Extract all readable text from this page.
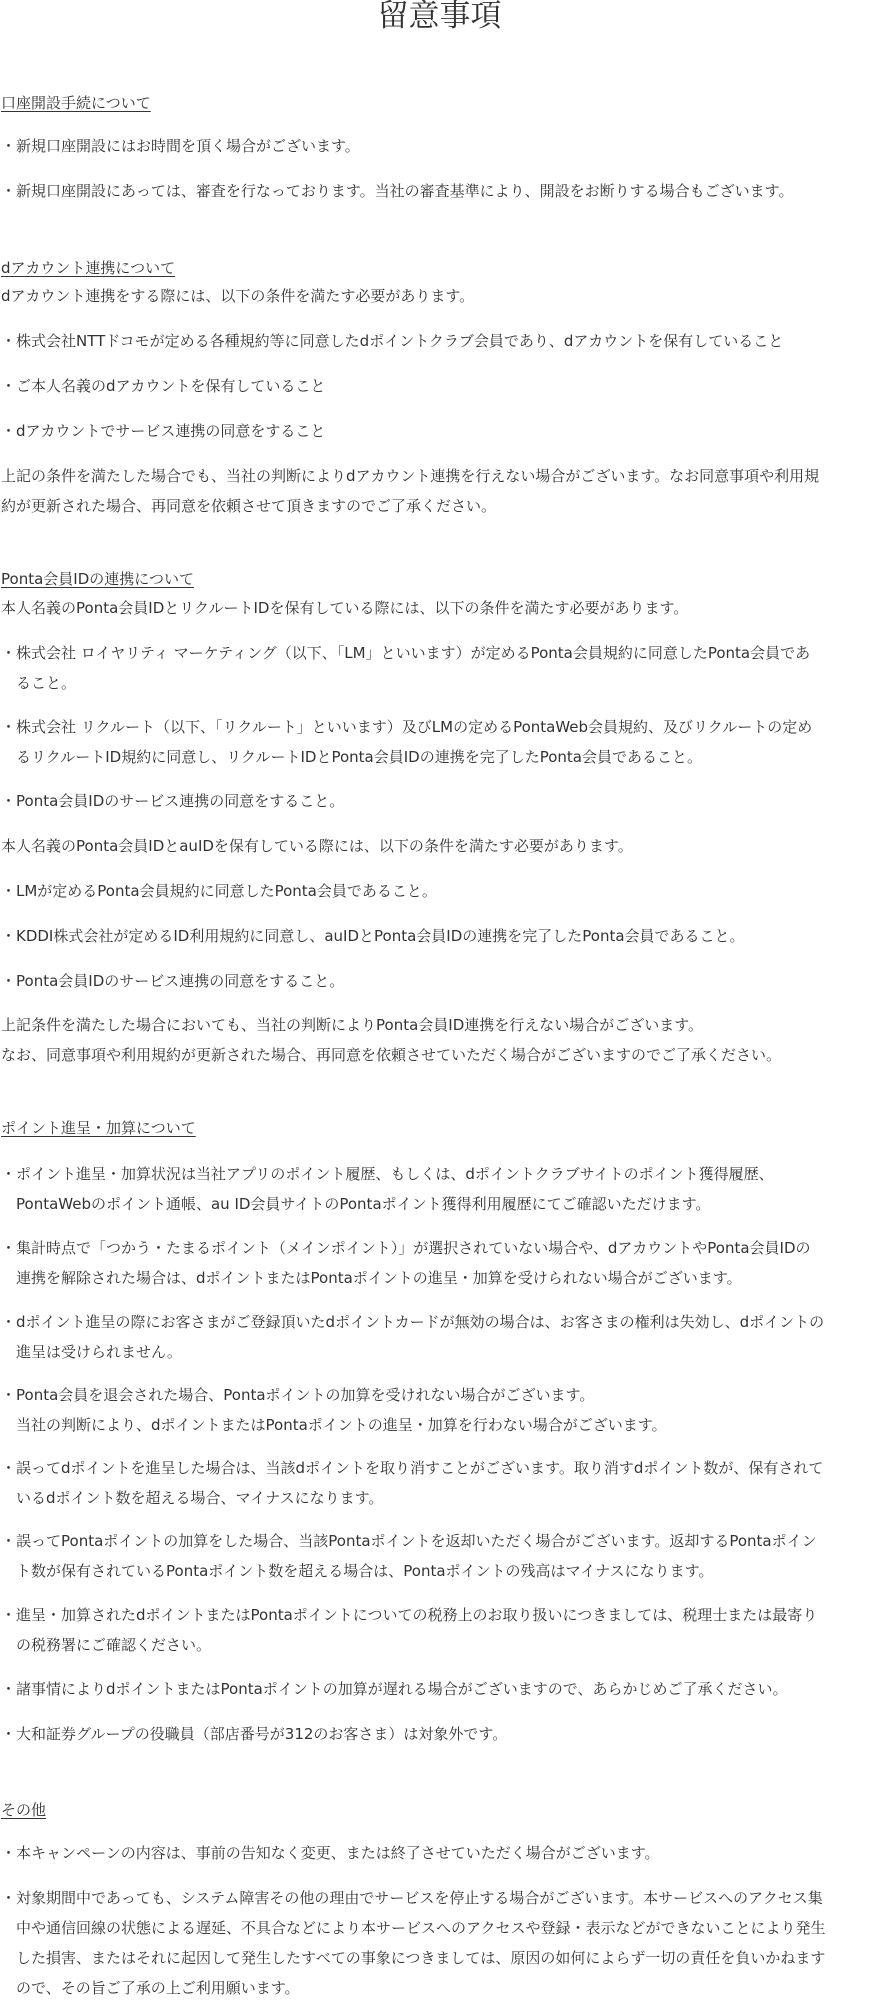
留意事項
口座開設手続について
・ 新規口座開設にはお時間を頂く場合がございます。
・ 新規口座開設にあっては、審査を行なっております。当社の審査基準により、開設をお断りする場合もございます。
dアカウント連携について
dアカウント連携をする際には、以下の条件を満たす必要があります。
・ 株式会社NTTドコモが定める各種規約等に同意したdポイントクラブ会員であり、dアカウントを保有していること
・ ご本人名義のdアカウントを保有していること
・ dアカウントでサービス連携の同意をすること
上記の条件を満たした場合でも、当社の判断によりdアカウント連携を行えない場合がございます。なお同意事項や利用規
約が更新された場合、再同意を依頼させて頂きますのでご了承ください。
Ponta会員IDの連携について
本人名義のPonta会員IDとリクルートIDを保有している際には、以下の条件を満たす必要があります。
・ 株式会社 ロイヤリティ マーケティング（以下、「LM」といいます）が定めるPonta会員規約に同意したPonta会員であ
ること。
・ 株式会社 リクルート（以下、「リクルート」といいます）及びLMの定めるPontaWeb会員規約、及びリクルートの定め
るリクルートID規約に同意し、リクルートIDとPonta会員IDの連携を完了したPonta会員であること。
・ Ponta会員IDのサービス連携の同意をすること。
本人名義のPonta会員IDとauIDを保有している際には、以下の条件を満たす必要があります。
・ LMが定めるPonta会員規約に同意したPonta会員であること。
・ KDDI株式会社が定めるID利用規約に同意し、auIDとPonta会員IDの連携を完了したPonta会員であること。
・ Ponta会員IDのサービス連携の同意をすること。
上記条件を満たした場合においても、当社の判断によりPonta会員ID連携を行えない場合がございます。
なお、同意事項や利用規約が更新された場合、再同意を依頼させていただく場合がございますのでご了承ください。
ポイント進呈・加算について
・ ポイント進呈・加算状況は当社アプリのポイント履歴、もしくは、dポイントクラブサイトのポイント獲得履歴、
PontaWebのポイント通帳、au ID会員サイトのPontaポイント獲得利用履歴にてご確認いただけます。
・ 集計時点で「つかう・たまるポイント（メインポイント）」が選択されていない場合や、dアカウントやPonta会員IDの
連携を解除された場合は、dポイントまたはPontaポイントの進呈・加算を受けられない場合がございます。
・ dポイント進呈の際にお客さまがご登録頂いたdポイントカードが無効の場合は、お客さまの権利は失効し、dポイントの
進呈は受けられません。
・ Ponta会員を退会された場合、Pontaポイントの加算を受けれない場合がございます。
当社の判断により、dポイントまたはPontaポイントの進呈・加算を行わない場合がございます。
・ 誤ってdポイントを進呈した場合は、当該dポイントを取り消すことがございます。取り消すdポイント数が、保有されて
いるdポイント数を超える場合、マイナスになります。
・ 誤ってPontaポイントの加算をした場合、当該Pontaポイントを返却いただく場合がございます。返却するPontaポイン
ト数が保有されているPontaポイント数を超える場合は、Pontaポイントの残高はマイナスになります。
・ 進呈・加算されたdポイントまたはPontaポイントについての税務上のお取り扱いにつきましては、税理士または最寄り
の税務署にご確認ください。
・ 諸事情によりdポイントまたはPontaポイントの加算が遅れる場合がございますので、あらかじめご了承ください。
・ 大和証券グループの役職員（部店番号が312のお客さま）は対象外です。
その他
・ 本キャンペーンの内容は、事前の告知なく変更、または終了させていただく場合がございます。
・ 対象期間中であっても、システム障害その他の理由でサービスを停止する場合がございます。本サービスへのアクセス集
中や通信回線の状態による遅延、不具合などにより本サービスへのアクセスや登録・表示などができないことにより発生
した損害、またはそれに起因して発生したすべての事象につきましては、原因の如何によらず一切の責任を負いかねます
ので、その旨ご了承の上ご利用願います。
